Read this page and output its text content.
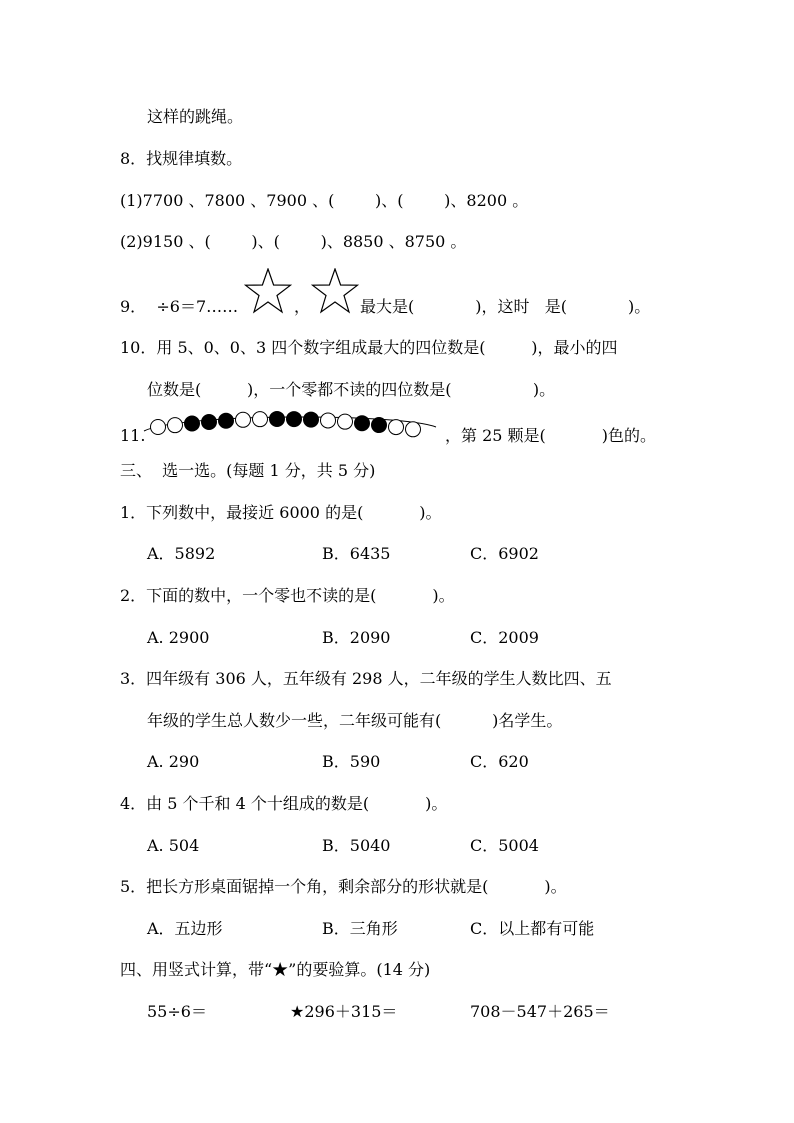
这样的跳绳。
8．找规律填数。
(1)7700 、7800 、7900 、(        )、(        )、8200 。
(2)9150 、(        )、(        )、8850 、8750 。
9．  ÷6＝7……	，	最大是(            )，这时   是(            )。
10．用 5、0、0、3 四个数字组成最大的四位数是(         )，最小的四
位数是(         )，一个零都不读的四位数是(                )。
11.	，第 25 颗是(           )色的。
三、  选一选。(每题 1 分，共 5 分)
1．下列数中，最接近 6000 的是(           )。
A．5892	B．6435	C．6902
2．下面的数中，一个零也不读的是(           )。
A. 2900	B．2090	C．2009
3．四年级有 306 人，五年级有 298 人，二年级的学生人数比四、五
年级的学生总人数少一些，二年级可能有(          )名学生。
A. 290	B．590	C．620
4．由 5 个千和 4 个十组成的数是(           )。
A. 504	B．5040	C．5004
5．把长方形桌面锯掉一个角，剩余部分的形状就是(           )。
A．五边形	B．三角形	C．以上都有可能
四、用竖式计算，带“★”的要验算。(14 分)
55÷6＝	★296＋315＝	708－547＋265＝
